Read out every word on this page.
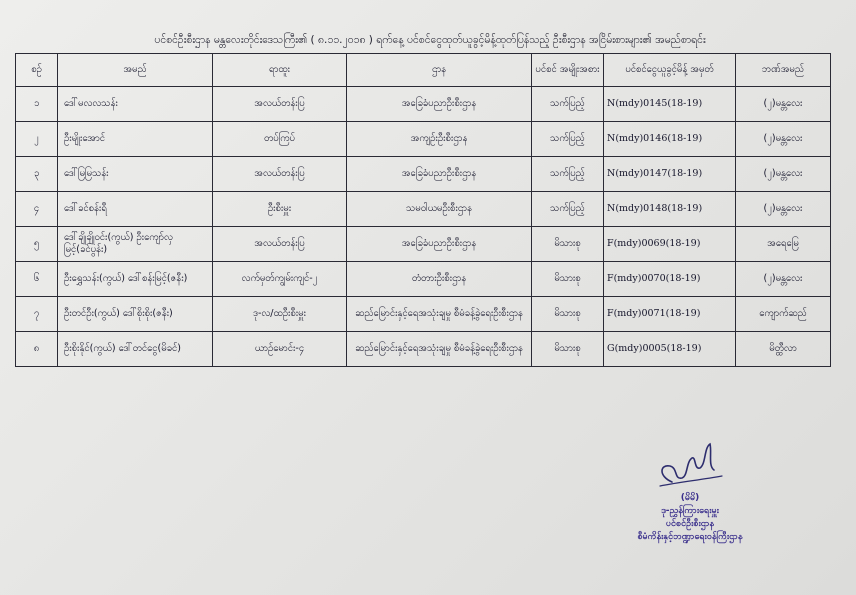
ပင်စင်ဦးစီးဌာန မန္တလေးတိုင်းဒေသကြီး၏ ( ၈.၁၁.၂၀၁၈ ) ရက်နေ့ ပင်စင်ငွေထုတ်ယူခွင့်မိန့်ထုတ်ပြန်သည့် ဦးစီးဌာန အငြိမ်းစားများ၏ အမည်စာရင်း
စဉ်	အမည်	ရာထူး	ဌာန	ပင်စင် အမျိုးအစား	ပင်စင်ငွေယူခွင့်မိန့် အမှတ်	ဘဏ်အမည်
၁	ဒေါ်မလလသန်း	အလယ်တန်းပြ	အခြေခံပညာဦးစီးဌာန	သက်ပြည့်	N(mdy)0145(18-19)	(၂)မန္တလေး
၂	ဦးမျိုးအောင်	တပ်ကြပ်	အကျဉ်းဦးစီးဌာန	သက်ပြည့်	N(mdy)0146(18-19)	(၂)မန္တလေး
၃	ဒေါ်မြမြသန်း	အလယ်တန်းပြ	အခြေခံပညာဦးစီးဌာန	သက်ပြည့်	N(mdy)0147(18-19)	(၂)မန္တလေး
၄	ဒေါ်ခင်စန်းရီ	ဦးစီးမှူး	သမဝါယမဦးစီးဌာန	သက်ပြည့်	N(mdy)0148(18-19)	(၂)မန္တလေး
၅	ဒေါ်ချိုချိုဝင်း(ကွယ်) ဦးကျော်လှမြင့်(ခင်ပွန်း)	အလယ်တန်းပြ	အခြေခံပညာဦးစီးဌာန	မိသားစု	F(mdy)0069(18-19)	အရေမြေ
၆	ဦးရွှေသန်း(ကွယ်) ဒေါ်စန်းမြင့်(ဇနီး)	လက်မှတ်ကျွမ်းကျင်-၂	တံတားဦးစီးဌာန	မိသားစု	F(mdy)0070(18-19)	(၂)မန္တလေး
၇	ဦးတင်ဦး(ကွယ်) ဒေါ်စိုးစိုး(ဇနီး)	ဒု-လ/ထဦးစီးမှူး	ဆည်မြောင်းနှင့်ရေအသုံးချမှု စီမံခန့်ခွဲရေးဦးစီးဌာန	မိသားစု	F(mdy)0071(18-19)	ကျောက်ဆည်
၈	ဦးစိုးနိုင်(ကွယ်) ဒေါ်တင်ငွေ(မိခင်)	ယာဉ်မောင်း-၄	ဆည်မြောင်းနှင့်ရေအသုံးချမှု စီမံခန့်ခွဲရေးဦးစီးဌာန	မိသားစု	G(mdy)0005(18-19)	မိတ္ထီလာ
(မိမိ)
ဒု-ညွှန်ကြားရေးမှူး
ပင်စင်ဦးစီးဌာန
စီမံကိန်းနှင့်ဘဏ္ဍာရေးဝန်ကြီးဌာန
